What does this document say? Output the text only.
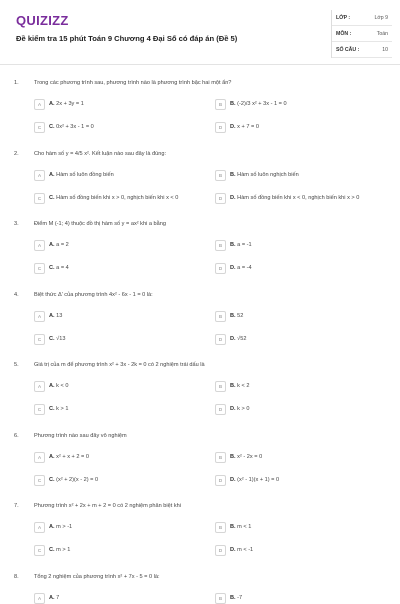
QUIZIZZ
Đề kiểm tra 15 phút Toán 9 Chương 4 Đại Số có đáp án (Đề 5)
LỚP :	Lớp 9
MÔN :	Toán
SỐ CÂU :	10
1.	Trong các phương trình sau, phương trình nào là phương trình bậc hai một ẩn?
A	A. 2x + 3y = 1	B	B. (-2)/3 x² + 3x - 1 = 0
C	C. 0x² + 3x - 1 = 0	D	D. x + 7 = 0
2.	Cho hàm số y = 4/5 x². Kết luận nào sau đây là đúng:
A	A. Hàm số luôn đồng biến	B	B. Hàm số luôn nghịch biến
C	C. Hàm số đồng biến khi x > 0, nghịch biến khi x < 0	D	D. Hàm số đồng biến khi x < 0, nghịch biến khi x > 0
3.	Điểm M (-1; 4) thuộc đồ thị hàm số y = ax² khi a bằng
A	A. a = 2	B	B. a = -1
C	C. a = 4	D	D. a = -4
4.	Biệt thức Δ' của phương trình 4x² - 6x - 1 = 0 là:
A	A. 13	B	B. 52
C	C. √13	D	D. √52
5.	Giá trị của m để phương trình x² + 3x - 2k = 0 có 2 nghiệm trái dấu là
A	A. k < 0	B	B. k < 2
C	C. k > 1	D	D. k > 0
6.	Phương trình nào sau đây vô nghiệm
A	A. x² + x + 2 = 0	B	B. x² - 2x = 0
C	C. (x² + 2)(x - 2) = 0	D	D. (x² - 1)(x + 1) = 0
7.	Phương trình x² + 2x + m + 2 = 0 có 2 nghiệm phân biệt khi
A	A. m > -1	B	B. m < 1
C	C. m > 1	D	D. m < -1
8.	Tổng 2 nghiệm của phương trình x² + 7x - 5 = 0 là:
A	A. 7	B	B. -7
